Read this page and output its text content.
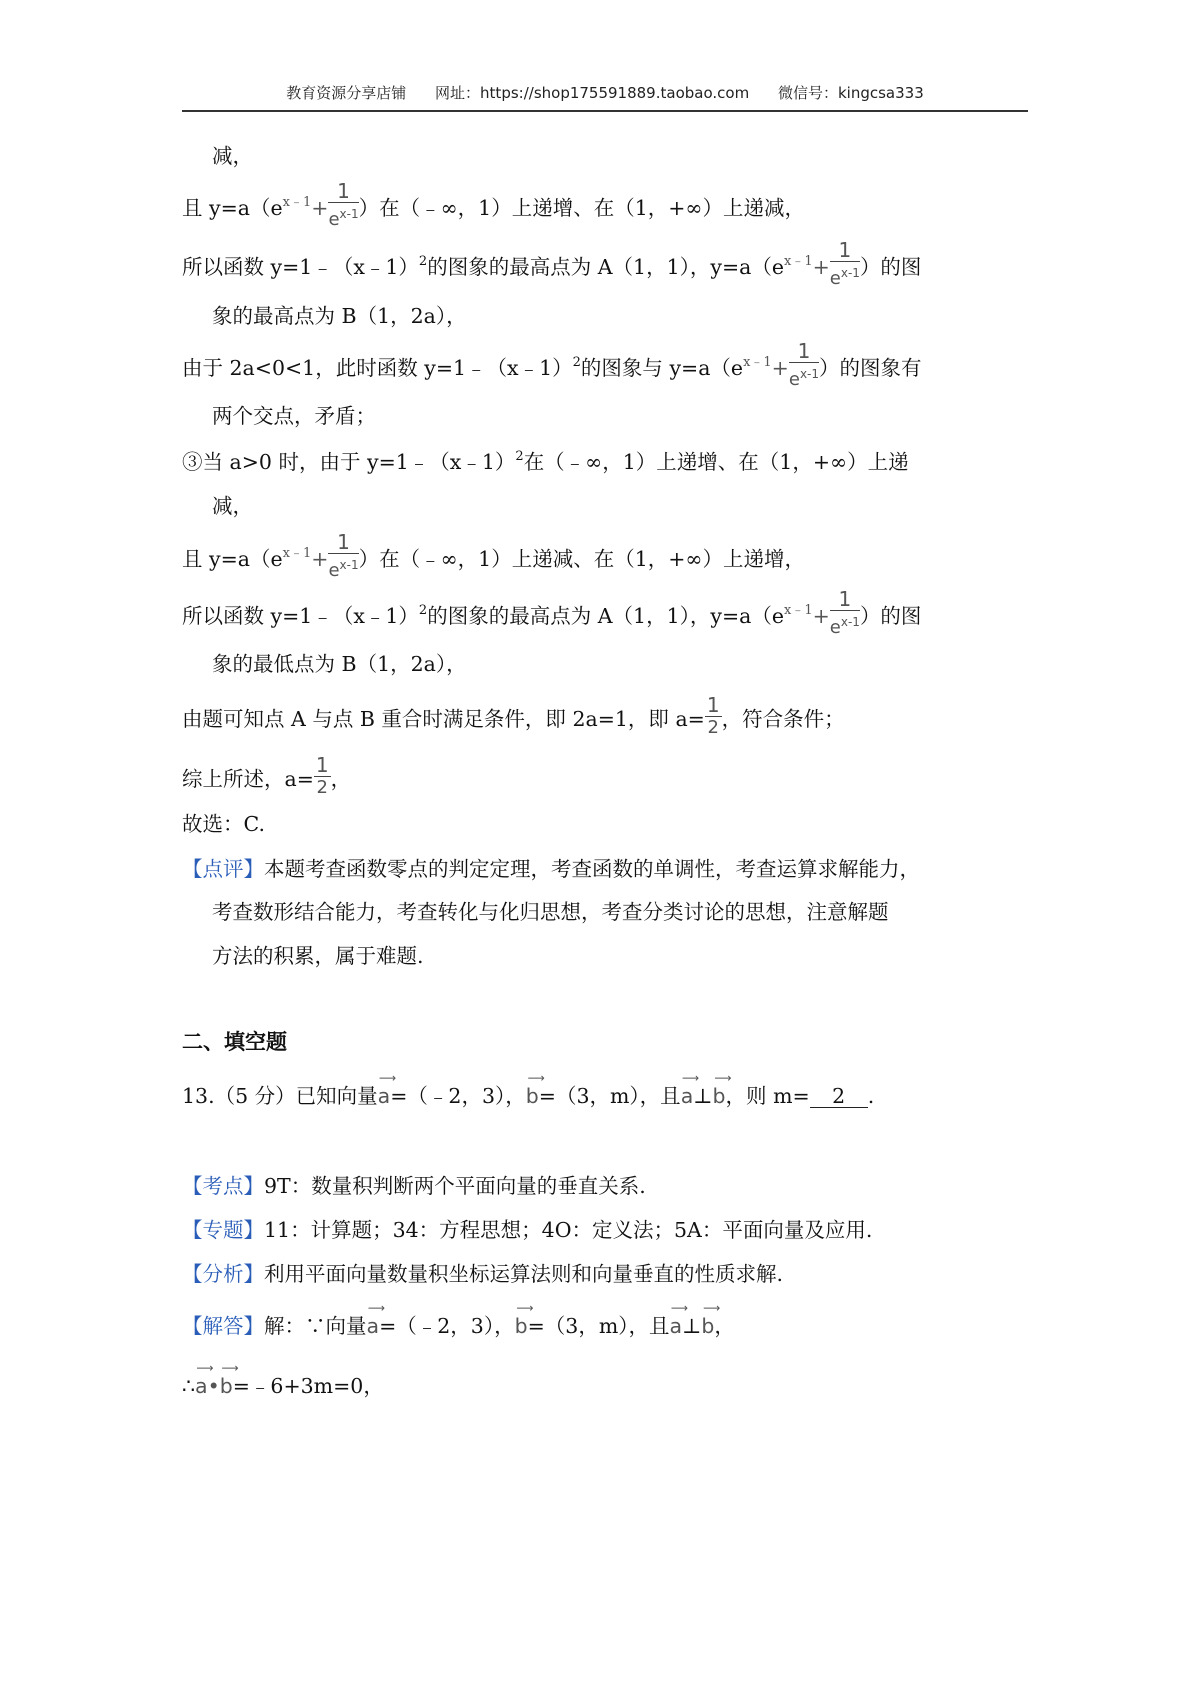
教育资源分享店铺 网址：https://shop175591889.taobao.com 微信号：kingcsa333
减，
且 $y=a(e^{x﹣1}+ \frac{1}{e^{x-1}}$ ）在（﹣∞，1）上递增、在（1，+∞）上递减，
所以函数 y=1﹣（x﹣1）$^2$的图象的最高点为 A（1，1），$y=a(e^{x﹣1}+ \frac{1}{e^{x-1}}$ ）的图
象的最高点为 B（1，2a），
由于 2a<0<1，此时函数 y=1﹣（x﹣1）$^2$的图象与 $y=a(e^{x﹣1}+ \frac{1}{e^{x-1}}$ ）的图象有
两个交点，矛盾；
③当 a>0 时，由于 y=1﹣（x﹣1）$^2$在（﹣∞，1）上递增、在（1，+∞）上递
减，
且 $y=a(e^{x﹣1}+ \frac{1}{e^{x-1}}$ ）在（﹣∞，1）上递减、在（1，+∞）上递增，
所以函数 y=1﹣（x﹣1）$^2$的图象的最高点为 A（1，1），$y=a(e^{x﹣1}+ \frac{1}{e^{x-1}}$ ）的图
象的最低点为 B（1，2a），
由题可知点 A 与点 B 重合时满足条件，即 2a=1，即 $a= \frac{1}{2}$ ，符合条件；
综上所述，$a= \frac{1}{2}$ ，
故选：C.
【点评】本题考查函数零点的判定定理，考查函数的单调性，考查运算求解能力，
考查数形结合能力，考查转化与化归思想，考查分类讨论的思想，注意解题
方法的积累，属于难题.
二、填空题
13.（5 分）已知向量
⟶
a=（﹣2，3），
⟶
b=（3，m），且
⟶
a⊥
⟶
b，则 m= 2 .
【考点】9T：数量积判断两个平面向量的垂直关系.
【专题】11：计算题；34：方程思想；4O：定义法；5A：平面向量及应用.
【分析】利用平面向量数量积坐标运算法则和向量垂直的性质求解.
【解答】解：∵向量
⟶
a=（﹣2，3），
⟶
b=（3，m），且
⟶
a⊥
⟶
b，
∴
⟶
a•
⟶
b=﹣6+3m=0，
